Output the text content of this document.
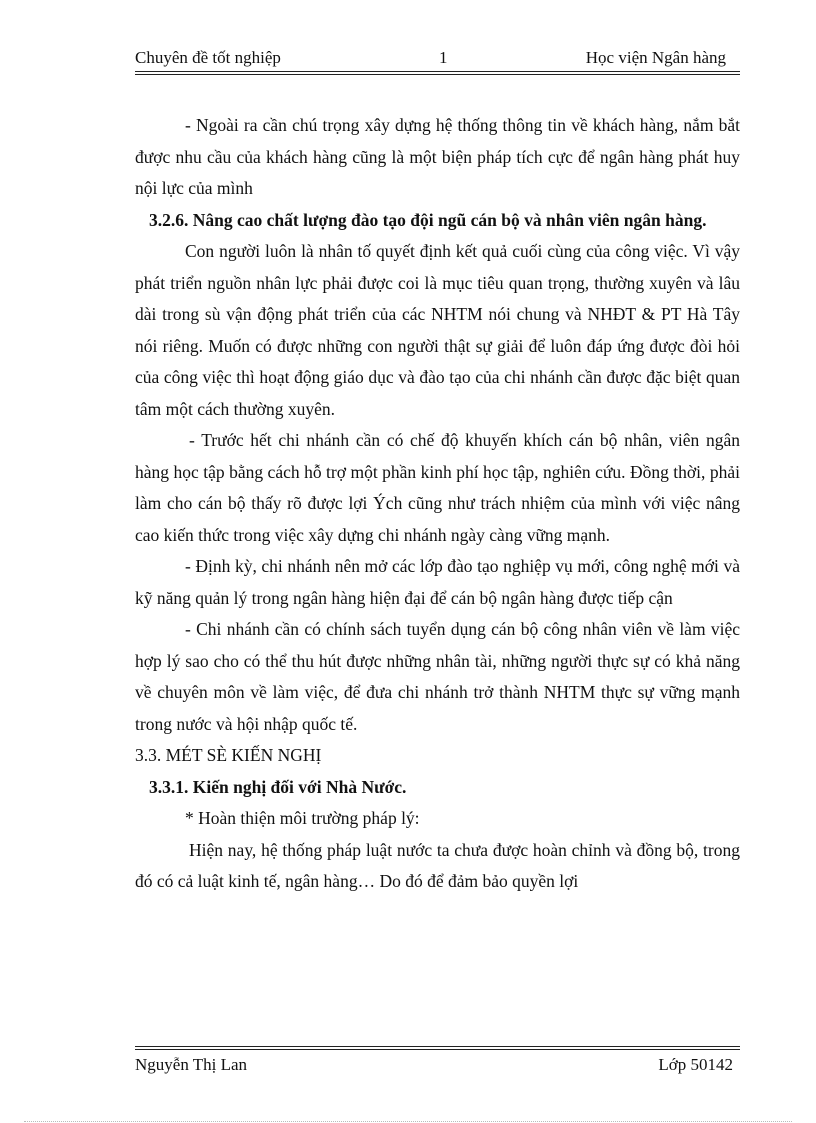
Chuyên đề tốt nghiệp	1	Học viện Ngân hàng

- Ngoài ra cần chú trọng xây dựng hệ thống thông tin về khách hàng, nắm bắt được nhu cầu của khách hàng cũng là một biện pháp tích cực để ngân hàng phát huy nội lực của mình

3.2.6. Nâng cao chất lượng đào tạo đội ngũ cán bộ và nhân viên ngân hàng.

Con người luôn là nhân tố quyết định kết quả cuối cùng của công việc. Vì vậy phát triển nguồn nhân lực phải được coi là mục tiêu quan trọng, thường xuyên và lâu dài trong sù vận động phát triển của các NHTM nói chung và NHĐT & PT Hà Tây nói riêng. Muốn có được những con người thật sự giải để luôn đáp ứng được đòi hỏi của công việc thì hoạt động giáo dục và đào tạo của chi nhánh cần được đặc biệt quan tâm một cách thường xuyên.

- Trước hết chi nhánh cần có chế độ khuyến khích cán bộ nhân, viên ngân hàng học tập bằng cách hỗ trợ một phần kinh phí học tập, nghiên cứu. Đồng thời, phải làm cho cán bộ thấy rõ được lợi Ých cũng như trách nhiệm của mình với việc nâng cao kiến thức trong việc xây dựng chi nhánh ngày càng vững mạnh.

- Định kỳ, chi nhánh nên mở các lớp đào tạo nghiệp vụ mới, công nghệ mới và kỹ năng quản lý trong ngân hàng hiện đại để cán bộ ngân hàng được tiếp cận

- Chi nhánh cần có chính sách tuyển dụng cán bộ công nhân viên về làm việc hợp lý sao cho có thể thu hút được những nhân tài, những người thực sự có khả năng về chuyên môn về làm việc, để đưa chi nhánh trở thành NHTM thực sự vững mạnh trong nước và hội nhập quốc tế.

3.3. MÉT SÈ KIẾN NGHỊ

3.3.1. Kiến nghị đối với Nhà Nước.

* Hoàn thiện môi trường pháp lý:

Hiện nay, hệ thống pháp luật nước ta chưa được hoàn chỉnh và đồng bộ, trong đó có cả luật kinh tế, ngân hàng… Do đó để đảm bảo quyền lợi

Nguyễn Thị Lan	Lớp 50142
